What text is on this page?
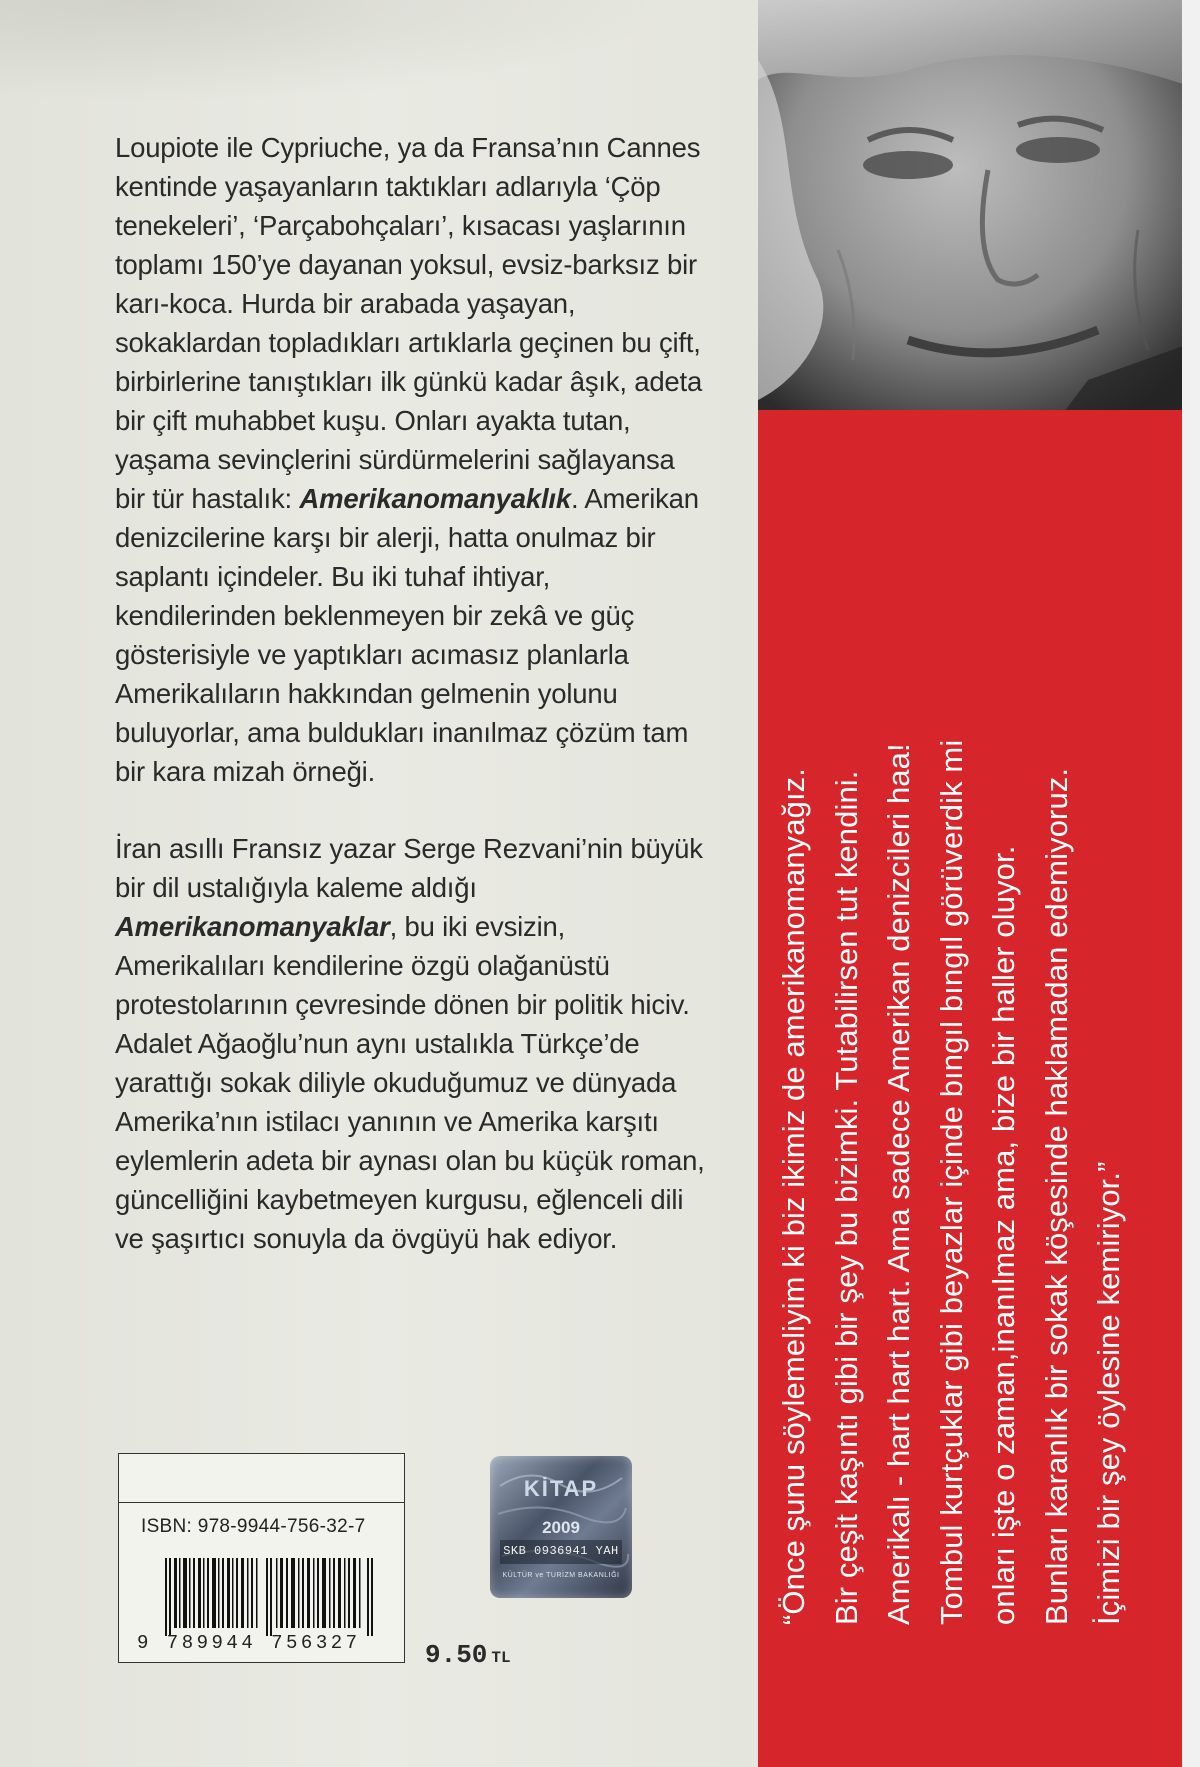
Loupiote ile Cypriuche, ya da Fransa’nın Cannes kentinde yaşayanların taktıkları adlarıyla ‘Çöp tenekeleri’, ‘Parçabohçaları’, kısacası yaşlarının toplamı 150’ye dayanan yoksul, evsiz-barksız bir karı-koca. Hurda bir arabada yaşayan, sokaklardan topladıkları artıklarla geçinen bu çift, birbirlerine tanıştıkları ilk günkü kadar âşık, adeta bir çift muhabbet kuşu. Onları ayakta tutan, yaşama sevinçlerini sürdürmelerini sağlayansa bir tür hastalık: Amerikanomanyaklık. Amerikan denizcilerine karşı bir alerji, hatta onulmaz bir saplantı içindeler. Bu iki tuhaf ihtiyar, kendilerinden beklenmeyen bir zekâ ve güç gösterisiyle ve yaptıkları acımasız planlarla Amerikalıların hakkından gelmenin yolunu buluyorlar, ama buldukları inanılmaz çözüm tam bir kara mizah örneği.

İran asıllı Fransız yazar Serge Rezvani’nin büyük bir dil ustalığıyla kaleme aldığı Amerikanomanyaklar, bu iki evsizin, Amerikalıları kendilerine özgü olağanüstü protestolarının çevresinde dönen bir politik hiciv. Adalet Ağaoğlu’nun aynı ustalıkla Türkçe’de yarattığı sokak diliyle okuduğumuz ve dünyada Amerika’nın istilacı yanının ve Amerika karşıtı eylemlerin adeta bir aynası olan bu küçük roman, güncelliğini kaybetmeyen kurgusu, eğlenceli dili ve şaşırtıcı sonuyla da övgüyü hak ediyor.	“Önce şunu söylemeliyim ki biz ikimiz de amerikanomanyağız. Bir çeşit kaşıntı gibi bir şey bu bizimki. Tutabilirsen tut kendini. Amerikalı - hart hart hart. Ama sadece Amerikan denizcileri haa! Tombul kurtçuklar gibi beyazlar içinde bıngıl bıngıl görüverdik mi onları işte o zaman,inanılmaz ama, bize bir haller oluyor. Bunları karanlık bir sokak köşesinde haklamadan edemiyoruz. İçimizi bir şey öylesine kemiriyor.”
ISBN: 978-9944-756-32-7
9 789944 756327	9.50 TL
KİTAP
2009
SKB 0936941 YAH
KÜLTÜR ve TURİZM BAKANLIĞI
